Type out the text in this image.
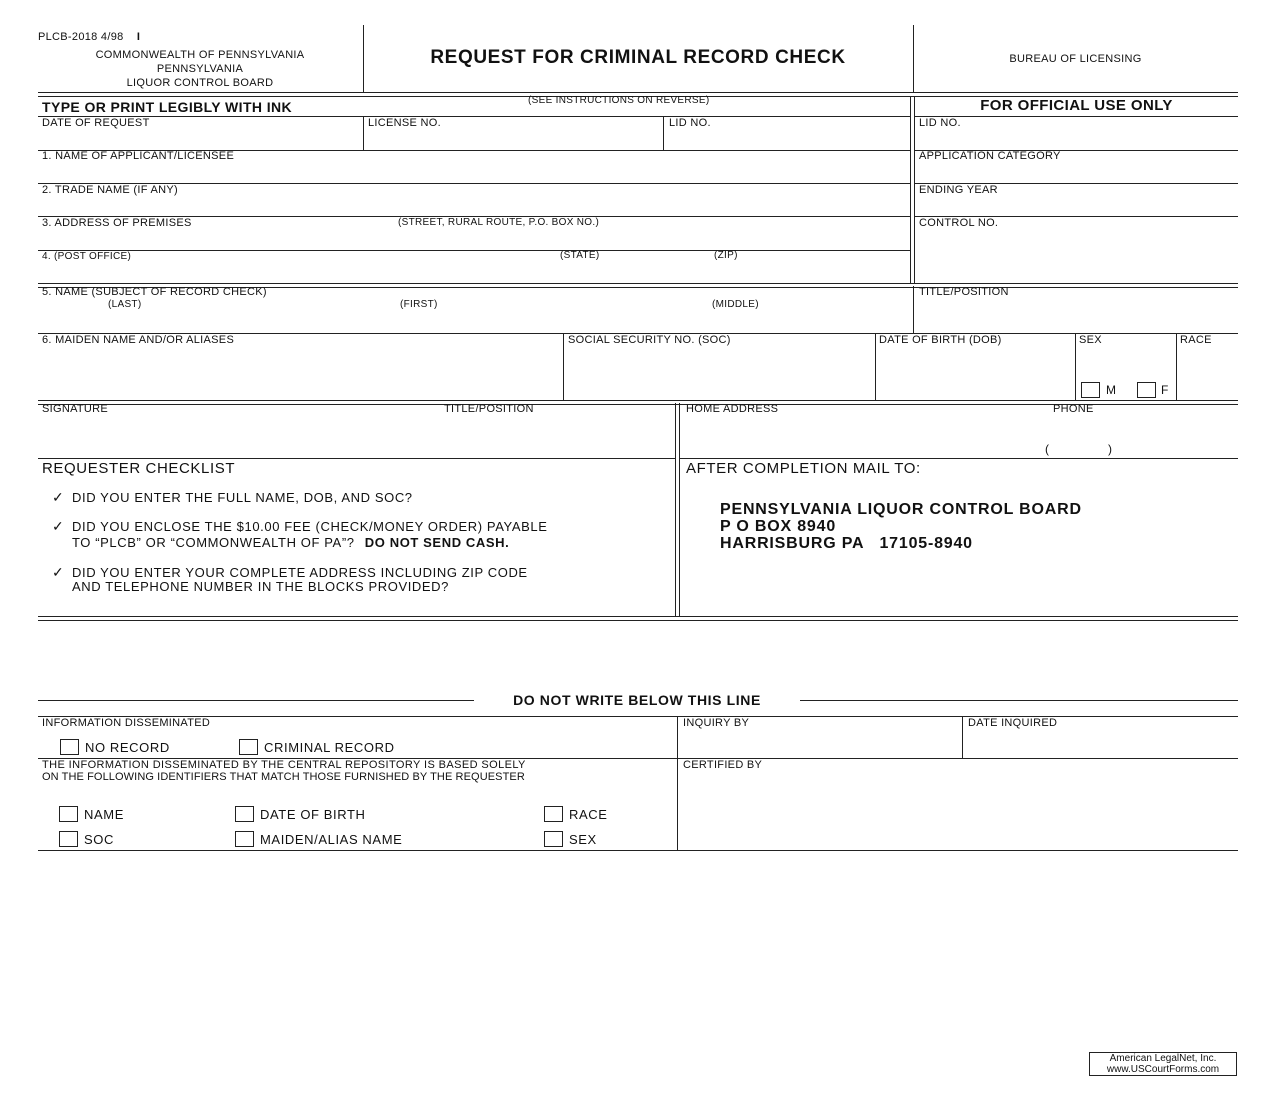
PLCB-2018 4/98 I
COMMONWEALTH OF PENNSYLVANIA
PENNSYLVANIA
LIQUOR CONTROL BOARD
REQUEST FOR CRIMINAL RECORD CHECK	BUREAU OF LICENSING
TYPE OR PRINT LEGIBLY WITH INK	(SEE INSTRUCTIONS ON REVERSE)	FOR OFFICIAL USE ONLY
DATE OF REQUEST	LICENSE NO.	LID NO.
1. NAME OF APPLICANT/LICENSEE
2. TRADE NAME (IF ANY)
3. ADDRESS OF PREMISES	(STREET, RURAL ROUTE, P.O. BOX NO.)
4. (POST OFFICE)	(STATE)	(ZIP)
LID NO.
APPLICATION CATEGORY
ENDING YEAR
CONTROL NO.
5. NAME (SUBJECT OF RECORD CHECK)
(LAST)	(FIRST)	(MIDDLE)
TITLE/POSITION
6. MAIDEN NAME AND/OR ALIASES	SOCIAL SECURITY NO. (SOC)	DATE OF BIRTH (DOB)	SEX
M	F
RACE
SIGNATURE	TITLE/POSITION	HOME ADDRESS	PHONE
(	)
REQUESTER CHECKLIST
✓ DID YOU ENTER THE FULL NAME, DOB, AND SOC?
✓ DID YOU ENCLOSE THE $10.00 FEE (CHECK/MONEY ORDER) PAYABLE
TO “PLCB” OR “COMMONWEALTH OF PA”? DO NOT SEND CASH.
✓ DID YOU ENTER YOUR COMPLETE ADDRESS INCLUDING ZIP CODE
AND TELEPHONE NUMBER IN THE BLOCKS PROVIDED?
AFTER COMPLETION MAIL TO:
PENNSYLVANIA LIQUOR CONTROL BOARD
P O BOX 8940
HARRISBURG PA   17105-8940
DO NOT WRITE BELOW THIS LINE
INFORMATION DISSEMINATED
NO RECORD	CRIMINAL RECORD
INQUIRY BY	DATE INQUIRED
THE INFORMATION DISSEMINATED BY THE CENTRAL REPOSITORY IS BASED SOLELY
ON THE FOLLOWING IDENTIFIERS THAT MATCH THOSE FURNISHED BY THE REQUESTER
CERTIFIED BY
NAME	DATE OF BIRTH	RACE
SOC	MAIDEN/ALIAS NAME	SEX
American LegalNet, Inc.
www.USCourtForms.com
